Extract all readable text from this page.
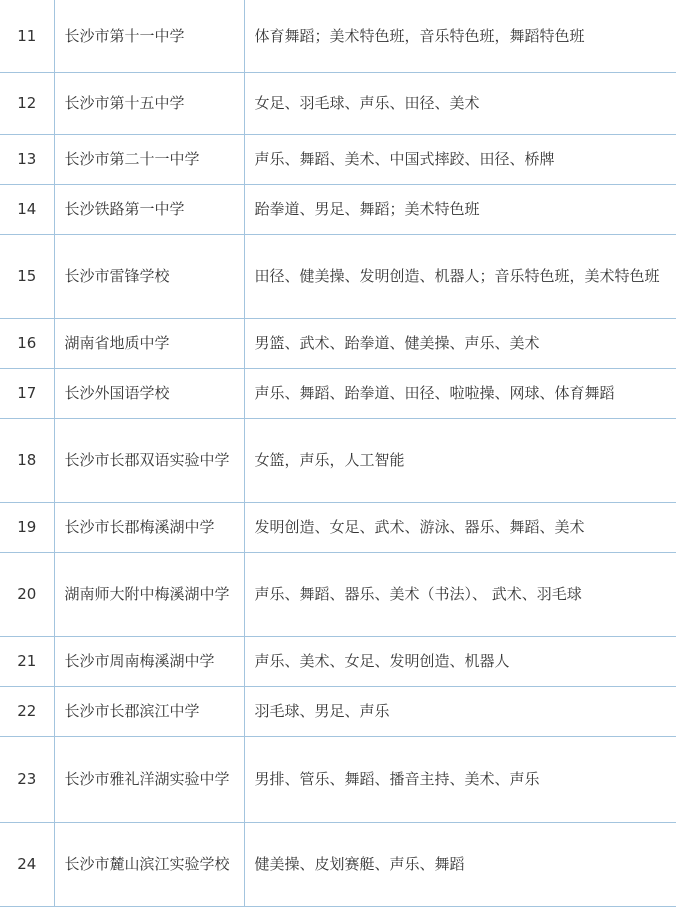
11	长沙市第十一中学	体育舞蹈；美术特色班，音乐特色班，舞蹈特色班
12	长沙市第十五中学	女足、羽毛球、声乐、田径、美术
13	长沙市第二十一中学	声乐、舞蹈、美术、中国式摔跤、田径、桥牌
14	长沙铁路第一中学	跆拳道、男足、舞蹈；美术特色班
15	长沙市雷锋学校	田径、健美操、发明创造、机器人；音乐特色班，美术特色班
16	湖南省地质中学	男篮、武术、跆拳道、健美操、声乐、美术
17	长沙外国语学校	声乐、舞蹈、跆拳道、田径、啦啦操、网球、体育舞蹈
18	长沙市长郡双语实验中学	女篮，声乐，人工智能
19	长沙市长郡梅溪湖中学	发明创造、女足、武术、游泳、器乐、舞蹈、美术
20	湖南师大附中梅溪湖中学	声乐、舞蹈、器乐、美术（书法）、 武术、羽毛球
21	长沙市周南梅溪湖中学	声乐、美术、女足、发明创造、机器人
22	长沙市长郡滨江中学	羽毛球、男足、声乐
23	长沙市雅礼洋湖实验中学	男排、管乐、舞蹈、播音主持、美术、声乐
24	长沙市麓山滨江实验学校	健美操、皮划赛艇、声乐、舞蹈
